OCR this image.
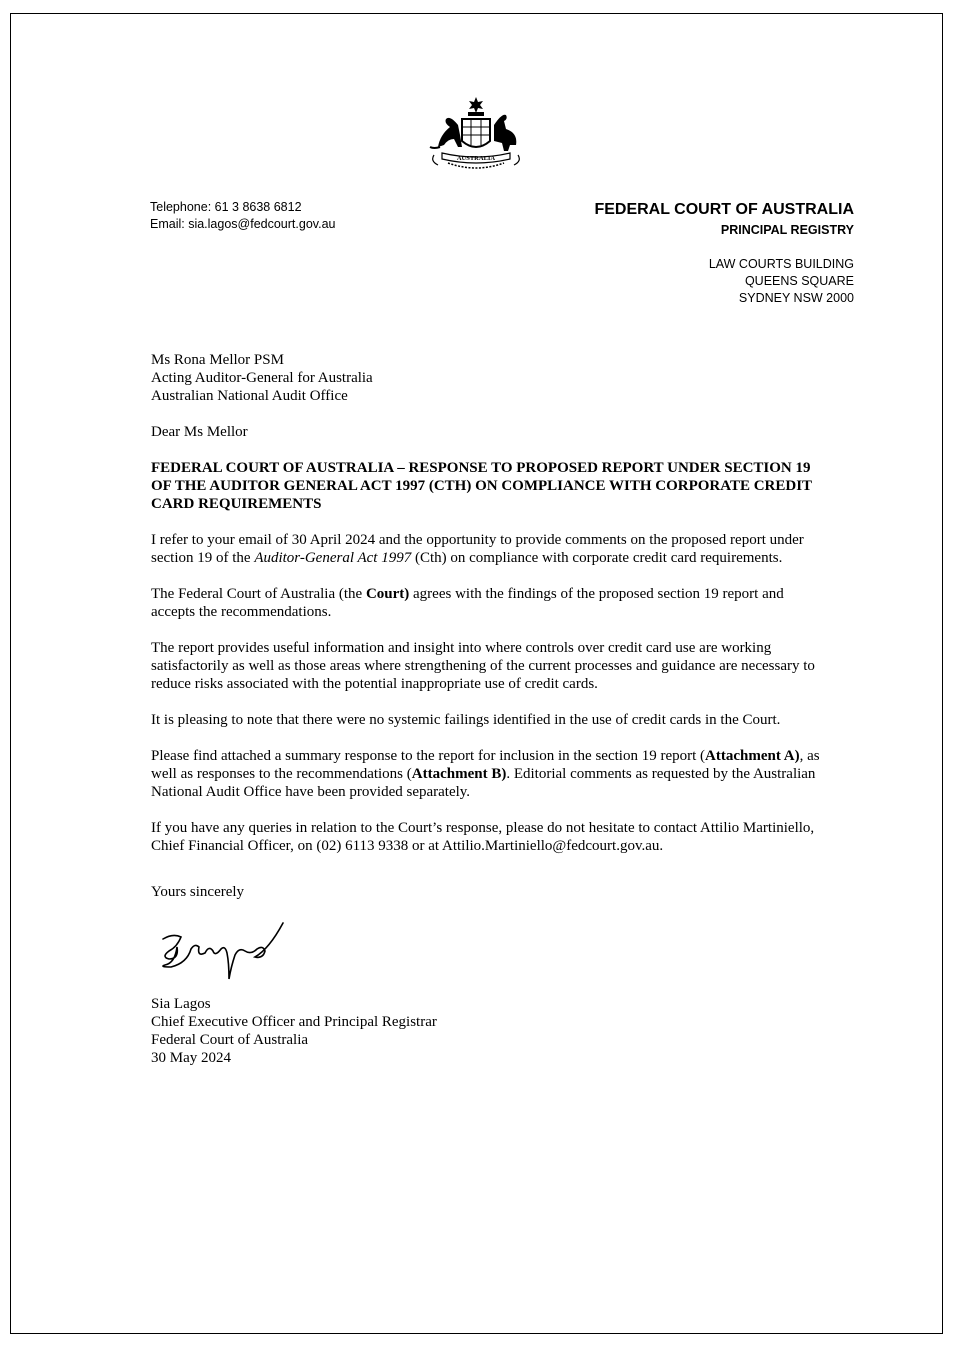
AUSTRALIA
Telephone: 61 3 8638 6812
Email: sia.lagos@fedcourt.gov.au
FEDERAL COURT OF AUSTRALIA
PRINCIPAL REGISTRY
LAW COURTS BUILDING
QUEENS SQUARE
SYDNEY NSW 2000

Ms Rona Mellor PSM
Acting Auditor-General for Australia
Australian National Audit Office

Dear Ms Mellor

FEDERAL COURT OF AUSTRALIA – RESPONSE TO PROPOSED REPORT UNDER SECTION 19 OF THE AUDITOR GENERAL ACT 1997 (CTH) ON COMPLIANCE WITH CORPORATE CREDIT CARD REQUIREMENTS

I refer to your email of 30 April 2024 and the opportunity to provide comments on the proposed report under section 19 of the Auditor-General Act 1997 (Cth) on compliance with corporate credit card requirements.

The Federal Court of Australia (the Court) agrees with the findings of the proposed section 19 report and accepts the recommendations.

The report provides useful information and insight into where controls over credit card use are working satisfactorily as well as those areas where strengthening of the current processes and guidance are necessary to reduce risks associated with the potential inappropriate use of credit cards.

It is pleasing to note that there were no systemic failings identified in the use of credit cards in the Court.

Please find attached a summary response to the report for inclusion in the section 19 report (Attachment A), as well as responses to the recommendations (Attachment B). Editorial comments as requested by the Australian National Audit Office have been provided separately.

If you have any queries in relation to the Court’s response, please do not hesitate to contact Attilio Martiniello, Chief Financial Officer, on (02) 6113 9338 or at Attilio.Martiniello@fedcourt.gov.au.

Yours sincerely
Sia Lagos
Chief Executive Officer and Principal Registrar
Federal Court of Australia
30 May 2024
